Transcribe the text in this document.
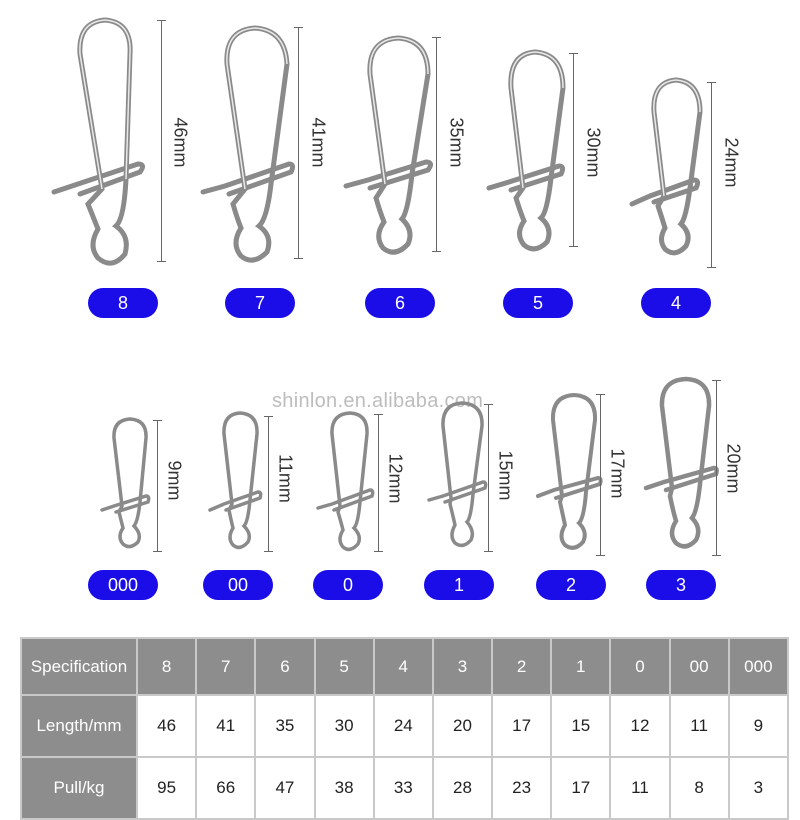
46mm	41mm	35mm	30mm	24mm
8	7	6	5	4
shinlon.en.alibaba.com
9mm	11mm	12mm	15mm	17mm	20mm
000	00	0	1	2	3
Specification	8	7	6	5	4	3	2	1	0	00	000
Length/mm	46	41	35	30	24	20	17	15	12	11	9
Pull/kg	95	66	47	38	33	28	23	17	11	8	3
